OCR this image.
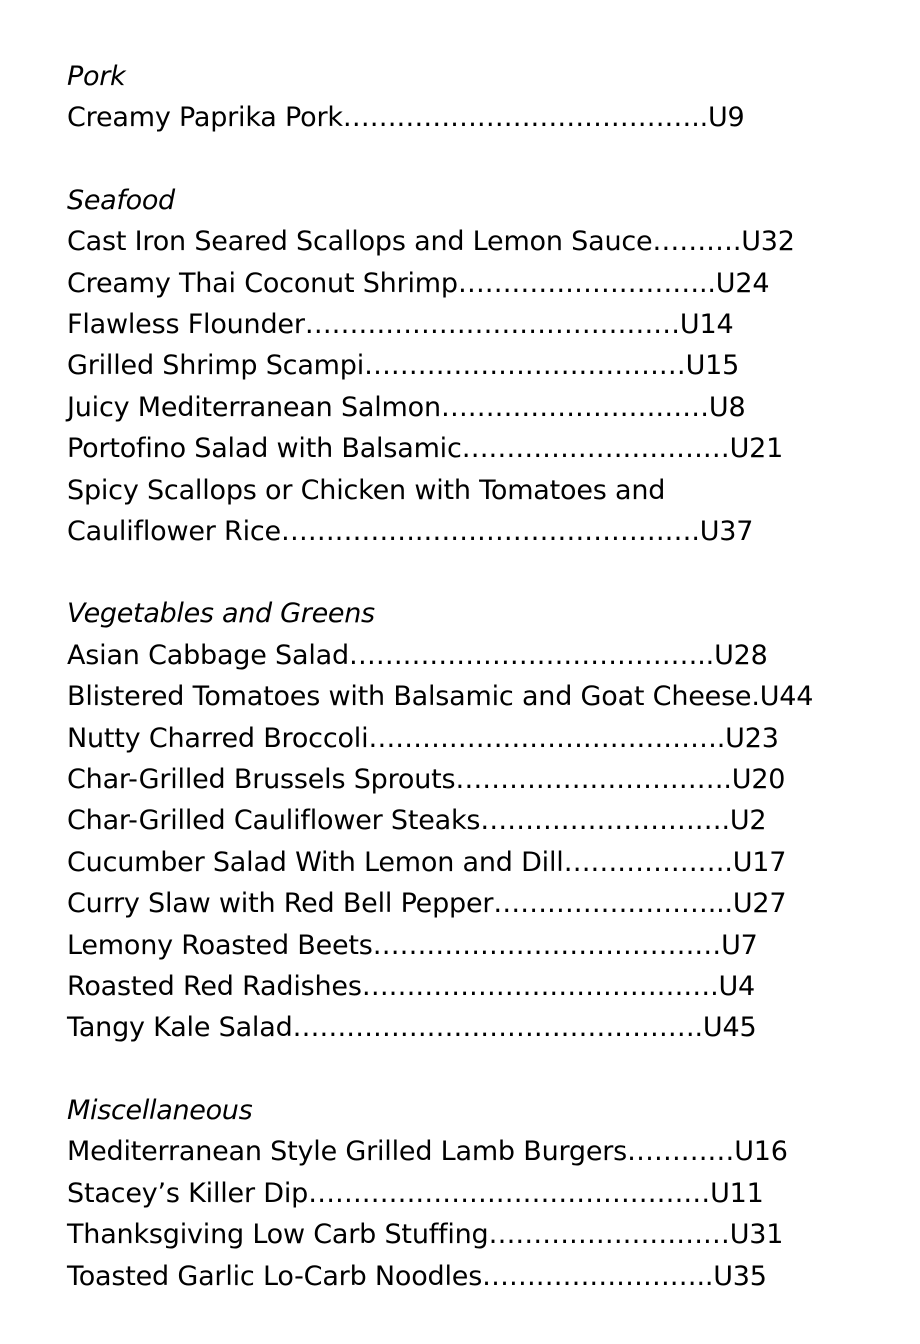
Pork

Creamy Paprika Pork…………………………………..U9

Seafood

Cast Iron Seared Scallops and Lemon Sauce……….U32

Creamy Thai Coconut Shrimp………………………..U24

Flawless Flounder……………………………………U14

Grilled Shrimp Scampi………………………………U15

Juicy Mediterranean Salmon…………………………U8

Portofino Salad with Balsamic…………………………U21

Spicy Scallops or Chicken with Tomatoes and
Cauliflower Rice…………….………………………….U37

Vegetables and Greens

Asian Cabbage Salad…………………………………..U28

Blistered Tomatoes with Balsamic and Goat Cheese.U44

Nutty Charred Broccoli………………………………….U23

Char-Grilled Brussels Sprouts………………………….U20

Char-Grilled Cauliflower Steaks……………………….U2

Cucumber Salad With Lemon and Dill……………….U17

Curry Slaw with Red Bell Pepper……………………...U27

Lemony Roasted Beets…………………………………U7

Roasted Red Radishes………………………………….U4

Tangy Kale Salad……………………………………….U45

Miscellaneous

Mediterranean Style Grilled Lamb Burgers…………U16

Stacey’s Killer Dip………………………………………U11

Thanksgiving Low Carb Stuffing………………………U31

Toasted Garlic Lo-Carb Noodles……………………..U35
